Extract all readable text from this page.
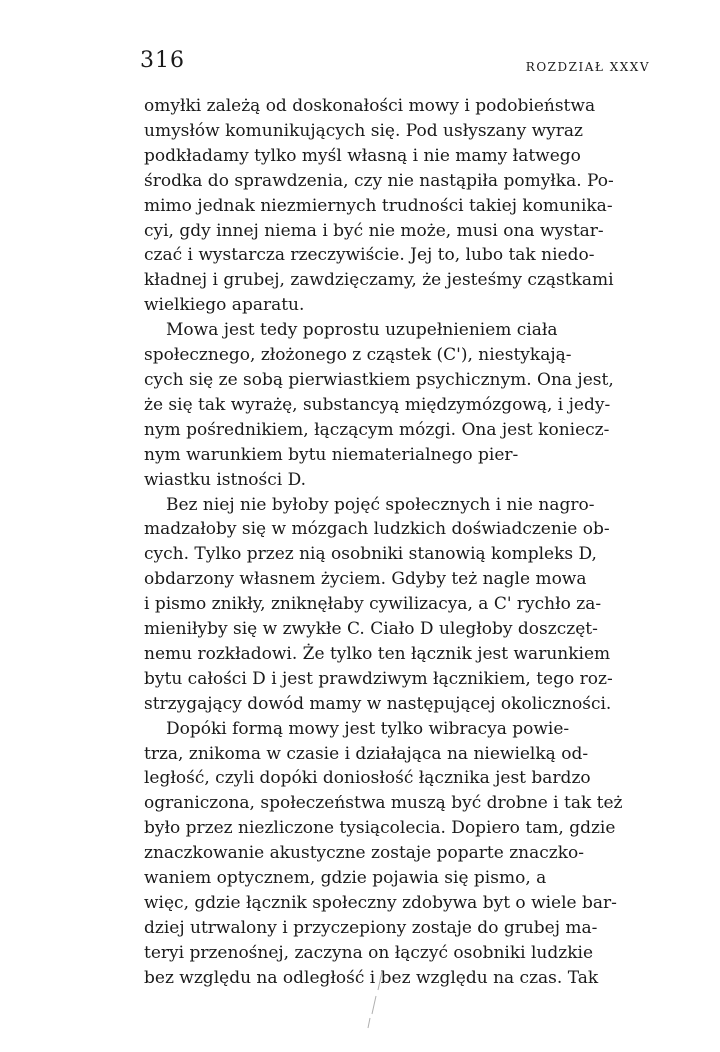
316	ROZDZIAŁ XXXV

omyłki zależą od doskonałości mowy i podobieństwa
umysłów komunikujących się. Pod usłyszany wyraz
podkładamy tylko myśl własną i nie mamy łatwego
środka do sprawdzenia, czy nie nastąpiła pomyłka. Po-
mimo jednak niezmiernych trudności takiej komunika-
cyi, gdy innej niema i być nie może, musi ona wystar-
czać i wystarcza rzeczywiście. Jej to, lubo tak niedo-
kładnej i grubej, zawdzięczamy, że jesteśmy cząstkami
wielkiego aparatu.

Mowa jest tedy poprostu uzupełnieniem ciała
społecznego, złożonego z cząstek (C'), niestykają-
cych się ze sobą pierwiastkiem psychicznym. Ona jest,
że się tak wyrażę, substancyą międzymózgową, i jedy-
nym pośrednikiem, łączącym mózgi. Ona jest koniecz-
nym warunkiem bytu niematerialnego pier-
wiastku istności D.

Bez niej nie byłoby pojęć społecznych i nie nagro-
madzałoby się w mózgach ludzkich doświadczenie ob-
cych. Tylko przez nią osobniki stanowią kompleks D,
obdarzony własnem życiem. Gdyby też nagle mowa
i pismo znikły, zniknęłaby cywilizacya, a C' rychło za-
mieniłyby się w zwykłe C. Ciało D uległoby doszczęt-
nemu rozkładowi. Że tylko ten łącznik jest warunkiem
bytu całości D i jest prawdziwym łącznikiem, tego roz-
strzygający dowód mamy w następującej okoliczności.

Dopóki formą mowy jest tylko wibracya powie-
trza, znikoma w czasie i działająca na niewielką od-
ległość, czyli dopóki doniosłość łącznika jest bardzo
ograniczona, społeczeństwa muszą być drobne i tak też
było przez niezliczone tysiącolecia. Dopiero tam, gdzie
znaczkowanie akustyczne zostaje poparte znaczko-
waniem optycznem, gdzie pojawia się pismo, a
więc, gdzie łącznik społeczny zdobywa byt o wiele bar-
dziej utrwalony i przyczepiony zostaje do grubej ma-
teryi przenośnej, zaczyna on łączyć osobniki ludzkie
bez względu na odległość i bez względu na czas. Tak
